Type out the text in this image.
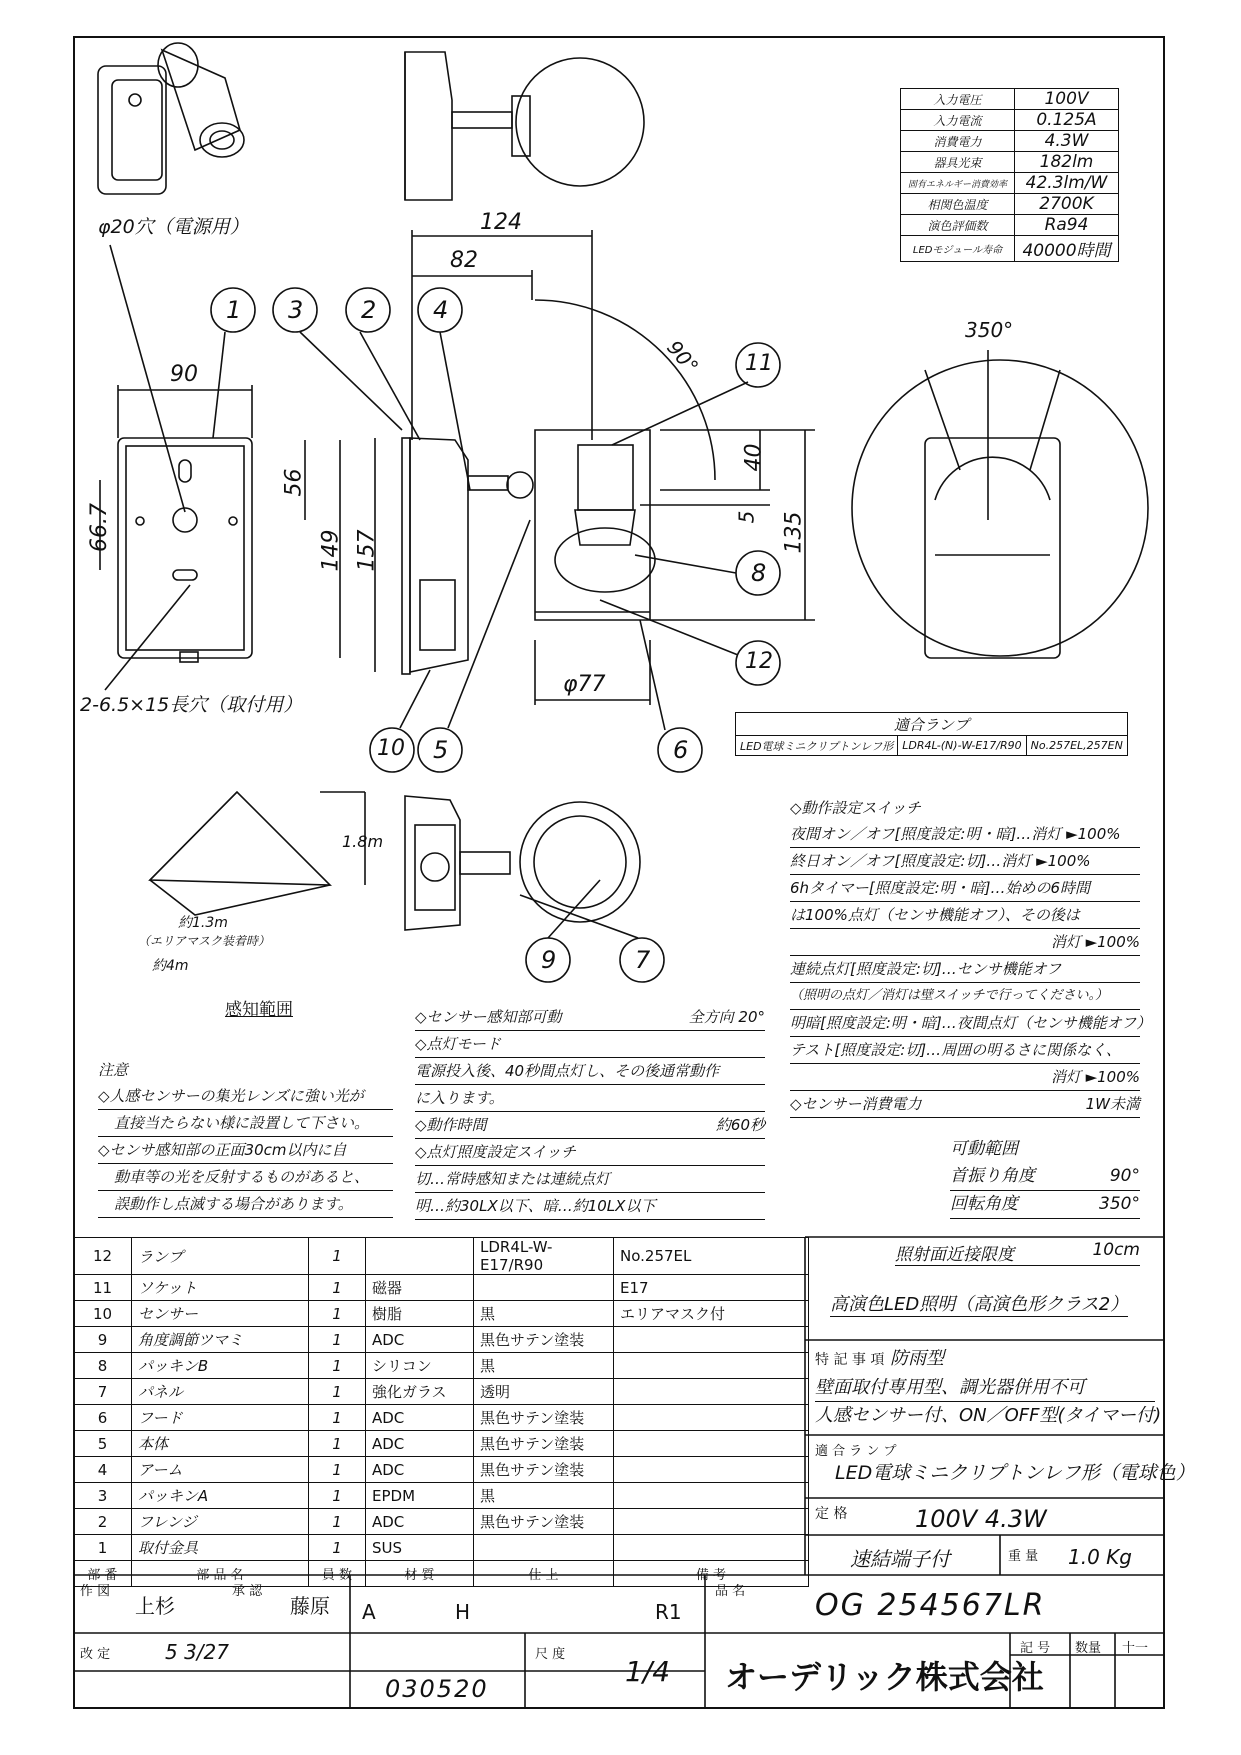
入力電圧	100V
入力電流	0.125A
消費電力	4.3W
器具光束	182lm
固有エネルギー消費効率	42.3lm/W
相関色温度	2700K
演色評価数	Ra94
LEDモジュール寿命	40000時間
φ20穴（電源用）
2-6.5×15長穴（取付用）
感知範囲
約1.3m
（エリアマスク装着時）
約4m
1.8m
350°
90°
124
82
90
56
66.7	149 157
40
5 135
φ77
1	2
3	4
5	6
7
8
9
10
11
12
適合ランプ
LED電球ミニクリプトンレフ形	LDR4L-(N)-W-E17/R90	No.257EL,257EN
◇動作設定スイッチ
夜間オン／オフ[照度設定:明・暗]…消灯 ►100%
終日オン／オフ[照度設定:切]…消灯 ►100%
6hタイマー[照度設定:明・暗]…始めの6時間
は100%点灯（センサ機能オフ）、その後は
消灯 ►100%
連続点灯[照度設定:切]…センサ機能オフ
（照明の点灯／消灯は壁スイッチで行ってください。）
明暗[照度設定:明・暗]…夜間点灯（センサ機能オフ）
テスト[照度設定:切]…周囲の明るさに関係なく、
消灯 ►100%
◇センサー消費電力	1W未満
◇センサー感知部可動	全方向 20°
◇点灯モード
電源投入後、40秒間点灯し、その後通常動作
に入ります。
◇動作時間	約60秒
◇点灯照度設定スイッチ
切…常時感知または連続点灯
明…約30LX以下、暗…約10LX以下
注意
◇人感センサーの集光レンズに強い光が
直接当たらない様に設置して下さい。
◇センサ感知部の正面30cm以内に自
動車等の光を反射するものがあると、
誤動作し点滅する場合があります。
可動範囲
首振り角度	90°
回転角度	350°
照射面近接限度	10cm
高演色LED照明（高演色形クラス2）
特 記 事 項 防雨型
壁面取付専用型、調光器併用不可
人感センサー付、ON／OFF型(タイマー付)
適 合 ラ ン プ
LED電球ミニクリプトンレフ形（電球色）
定 格	100V 4.3W
速結端子付	重 量 1.0 Kg
12	ランプ	1		LDR4L-W-E17/R90	No.257EL
11	ソケット	1	磁器		E17
10	センサー	1	樹脂	黒	エリアマスク付
9	角度調節ツマミ	1	ADC	黒色サテン塗装	
8	パッキンB	1	シリコン	黒	
7	パネル	1	強化ガラス	透明	
6	フード	1	ADC	黒色サテン塗装	
5	本体	1	ADC	黒色サテン塗装	
4	アーム	1	ADC	黒色サテン塗装	
3	パッキンA	1	EPDM	黒	
2	フレンジ	1	ADC	黒色サテン塗装	
1	取付金具	1	SUS		
部 番	部 品 名	員 数	材 質	仕 上	備 考
作 図
上杉
承 認
藤原 A	H	R1
品 名 OG 254567LR
改 定	5 3/27
030520
尺 度
1/4 オーデリック株式会社
記 号 数量 十一
